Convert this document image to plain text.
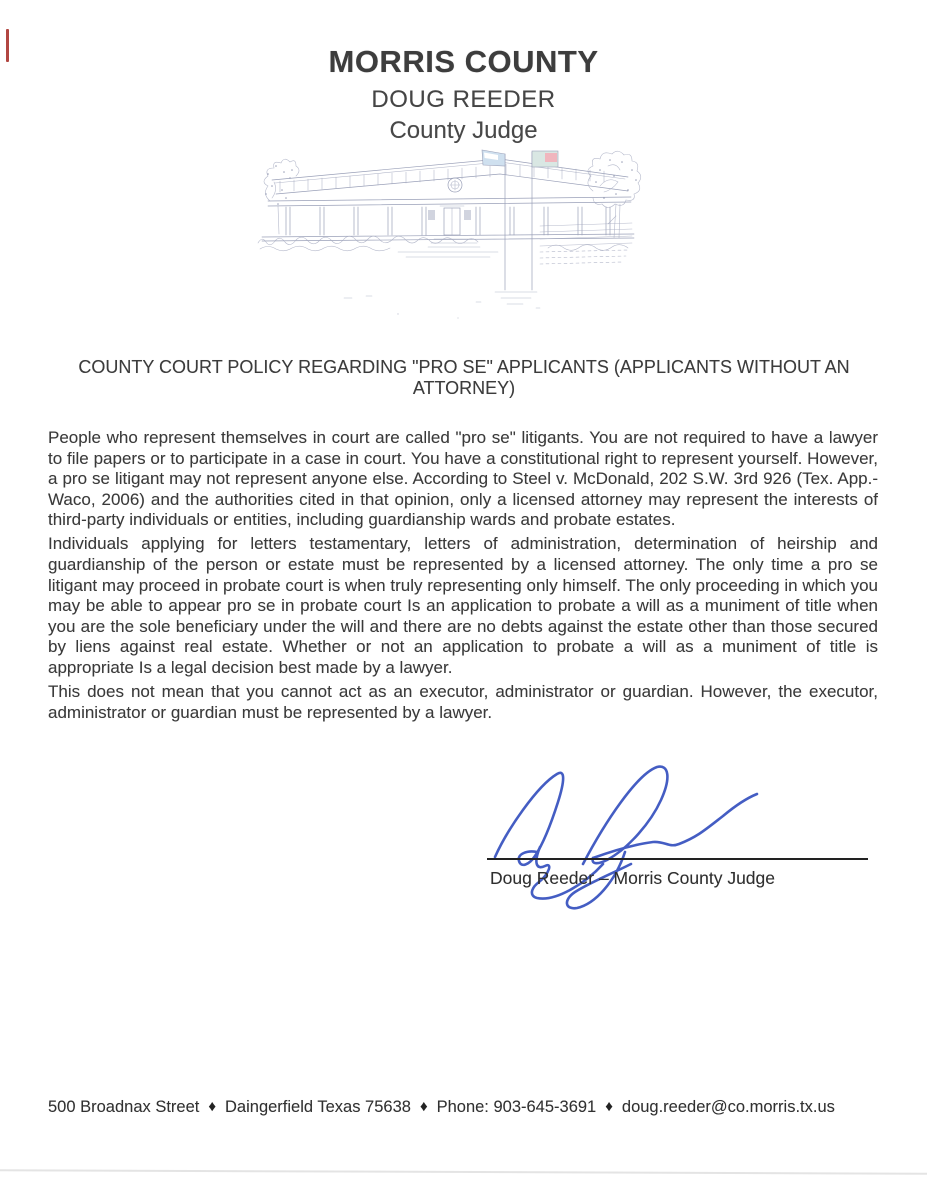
MORRIS COUNTY
DOUG REEDER
County Judge
COUNTY COURT POLICY REGARDING "PRO SE" APPLICANTS (APPLICANTS WITHOUT AN ATTORNEY)

People who represent themselves in court are called "pro se" litigants. You are not required to have a lawyer to file papers or to participate in a case in court. You have a constitutional right to represent yourself. However, a pro se litigant may not represent anyone else. According to Steel v. McDonald, 202 S.W. 3rd 926 (Tex. App.-Waco, 2006) and the authorities cited in that opinion, only a licensed attorney may represent the interests of third-party individuals or entities, including guardianship wards and probate estates.

Individuals applying for letters testamentary, letters of administration, determination of heirship and guardianship of the person or estate must be represented by a licensed attorney. The only time a pro se litigant may proceed in probate court is when truly representing only himself. The only proceeding in which you may be able to appear pro se in probate court Is an application to probate a will as a muniment of title when you are the sole beneficiary under the will and there are no debts against the estate other than those secured by liens against real estate. Whether or not an application to probate a will as a muniment of title is appropriate Is a legal decision best made by a lawyer.

This does not mean that you cannot act as an executor, administrator or guardian. However, the executor, administrator or guardian must be represented by a lawyer.

Doug Reeder – Morris County Judge
500 Broadnax Street ♦ Daingerfield Texas 75638 ♦ Phone: 903-645-3691 ♦ doug.reeder@co.morris.tx.us
